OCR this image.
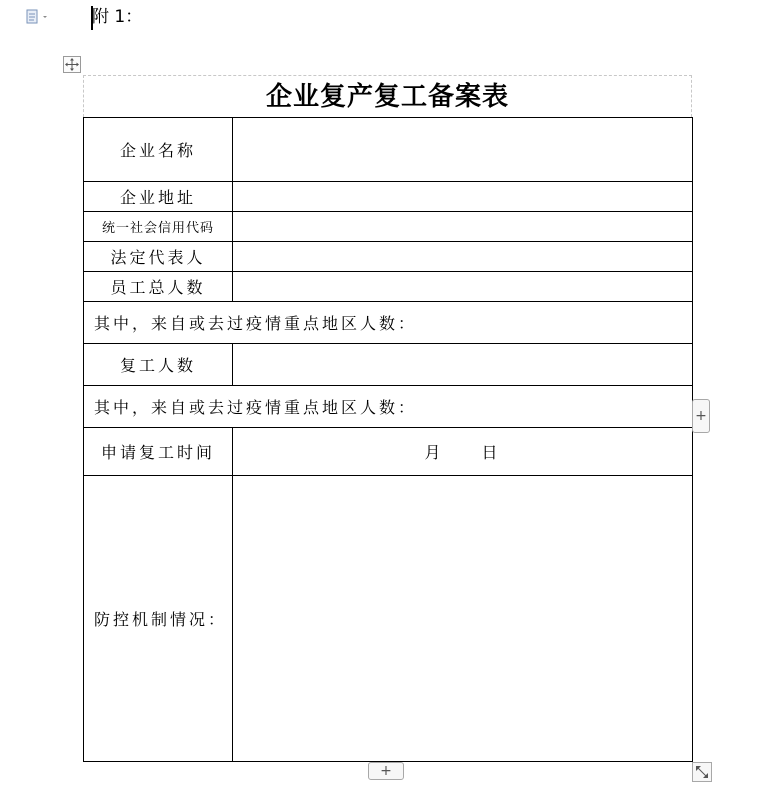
附 1：
企业复产复工备案表
企业名称	
企业地址	
统一社会信用代码	
法定代表人	
员工总人数	
其中，来自或去过疫情重点地区人数：	
复工人数	
其中，来自或去过疫情重点地区人数：	
申请复工时间	月 日
防控机制情况：	
+
+
